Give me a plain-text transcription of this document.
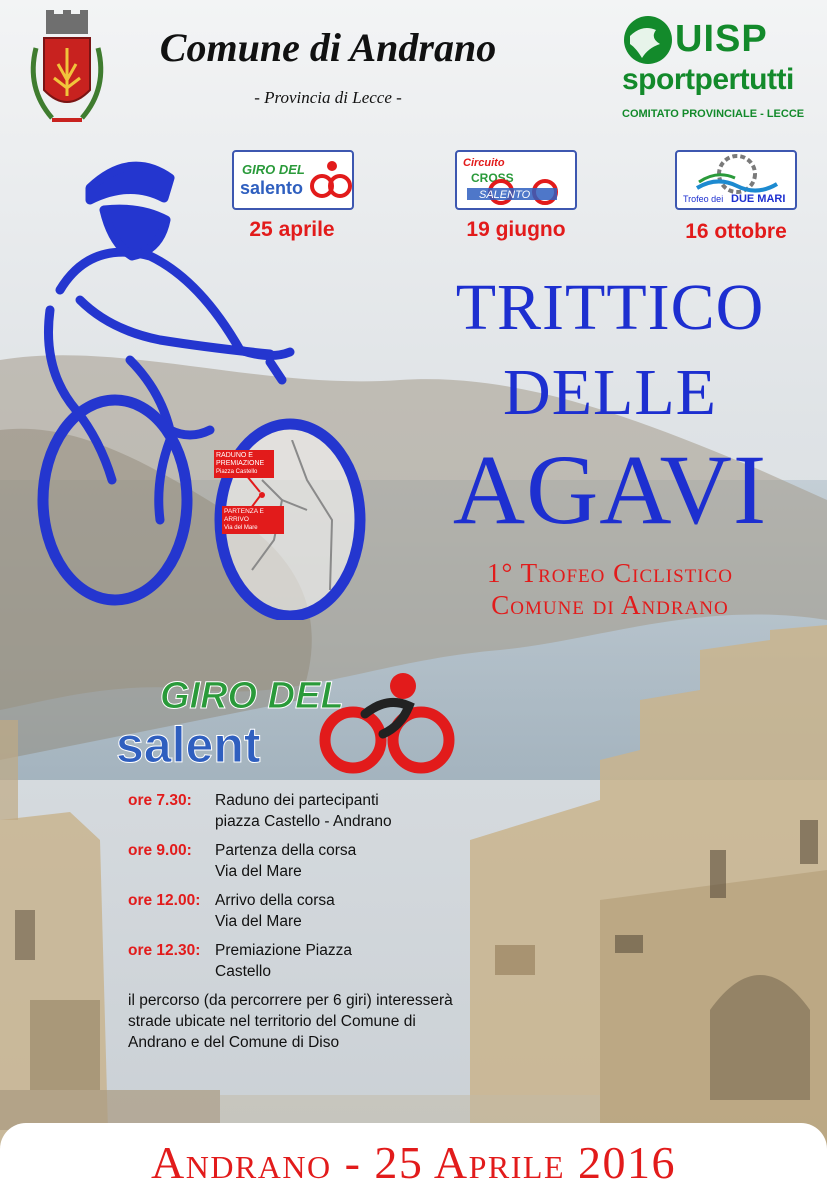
Comune di Andrano
- Provincia di Lecce -
UISP
sportpertutti
COMITATO PROVINCIALE - LECCE
GIRO DEL
salento
25 aprile
Circuito
CROSS
SALENTO
19 giugno
Trofeo dei DUE MARI
16 ottobre
RADUNO E PREMIAZIONE
Piazza Castello
PARTENZA E ARRIVO
Via del Mare
TRITTICO
DELLE
AGAVI
1° Trofeo Ciclistico
Comune di Andrano
GIRO DEL
salent
ore 7.30:	Raduno dei partecipanti
piazza Castello - Andrano
ore 9.00:	Partenza della corsa
Via del Mare
ore 12.00: Arrivo della corsa
Via del Mare
ore 12.30: Premiazione Piazza
Castello
il percorso (da percorrere per 6 giri) interesserà strade ubicate nel territorio del Comune di Andrano e del Comune di Diso
Andrano - 25 Aprile 2016
